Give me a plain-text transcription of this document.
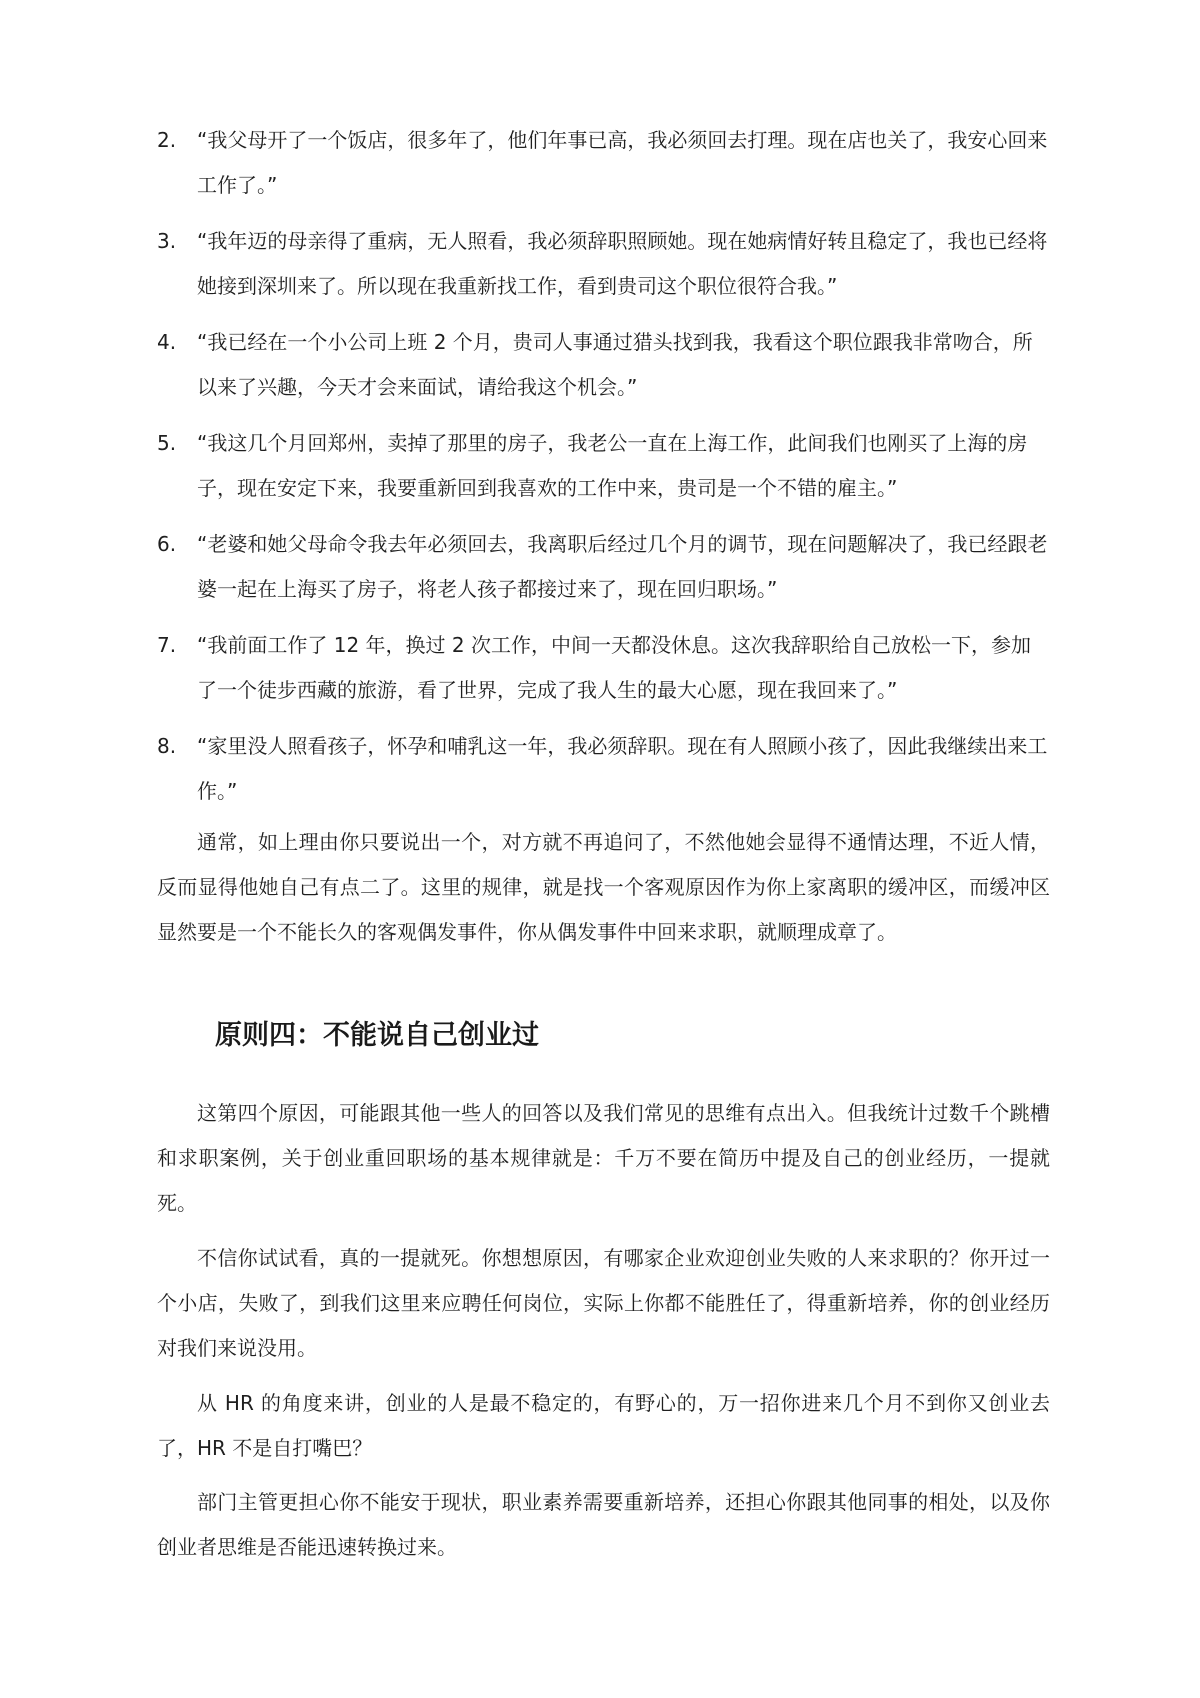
2. “我父母开了一个饭店，很多年了，他们年事已高，我必须回去打理。现在店也关了，我安心回来工作了。”
3. “我年迈的母亲得了重病，无人照看，我必须辞职照顾她。现在她病情好转且稳定了，我也已经将她接到深圳来了。所以现在我重新找工作，看到贵司这个职位很符合我。”
4. “我已经在一个小公司上班 2 个月，贵司人事通过猎头找到我，我看这个职位跟我非常吻合，所以来了兴趣，今天才会来面试，请给我这个机会。”
5. “我这几个月回郑州，卖掉了那里的房子，我老公一直在上海工作，此间我们也刚买了上海的房子，现在安定下来，我要重新回到我喜欢的工作中来，贵司是一个不错的雇主。”
6. “老婆和她父母命令我去年必须回去，我离职后经过几个月的调节，现在问题解决了，我已经跟老婆一起在上海买了房子，将老人孩子都接过来了，现在回归职场。”
7. “我前面工作了 12 年，换过 2 次工作，中间一天都没休息。这次我辞职给自己放松一下，参加了一个徒步西藏的旅游，看了世界，完成了我人生的最大心愿，现在我回来了。”
8. “家里没人照看孩子，怀孕和哺乳这一年，我必须辞职。现在有人照顾小孩了，因此我继续出来工作。”

通常，如上理由你只要说出一个，对方就不再追问了，不然他她会显得不通情达理，不近人情，反而显得他她自己有点二了。这里的规律，就是找一个客观原因作为你上家离职的缓冲区，而缓冲区显然要是一个不能长久的客观偶发事件，你从偶发事件中回来求职，就顺理成章了。

原则四：不能说自己创业过

这第四个原因，可能跟其他一些人的回答以及我们常见的思维有点出入。但我统计过数千个跳槽和求职案例，关于创业重回职场的基本规律就是：千万不要在简历中提及自己的创业经历，一提就死。

不信你试试看，真的一提就死。你想想原因，有哪家企业欢迎创业失败的人来求职的？你开过一个小店，失败了，到我们这里来应聘任何岗位，实际上你都不能胜任了，得重新培养，你的创业经历对我们来说没用。

从 HR 的角度来讲，创业的人是最不稳定的，有野心的，万一招你进来几个月不到你又创业去了，HR 不是自打嘴巴？

部门主管更担心你不能安于现状，职业素养需要重新培养，还担心你跟其他同事的相处，以及你创业者思维是否能迅速转换过来。
